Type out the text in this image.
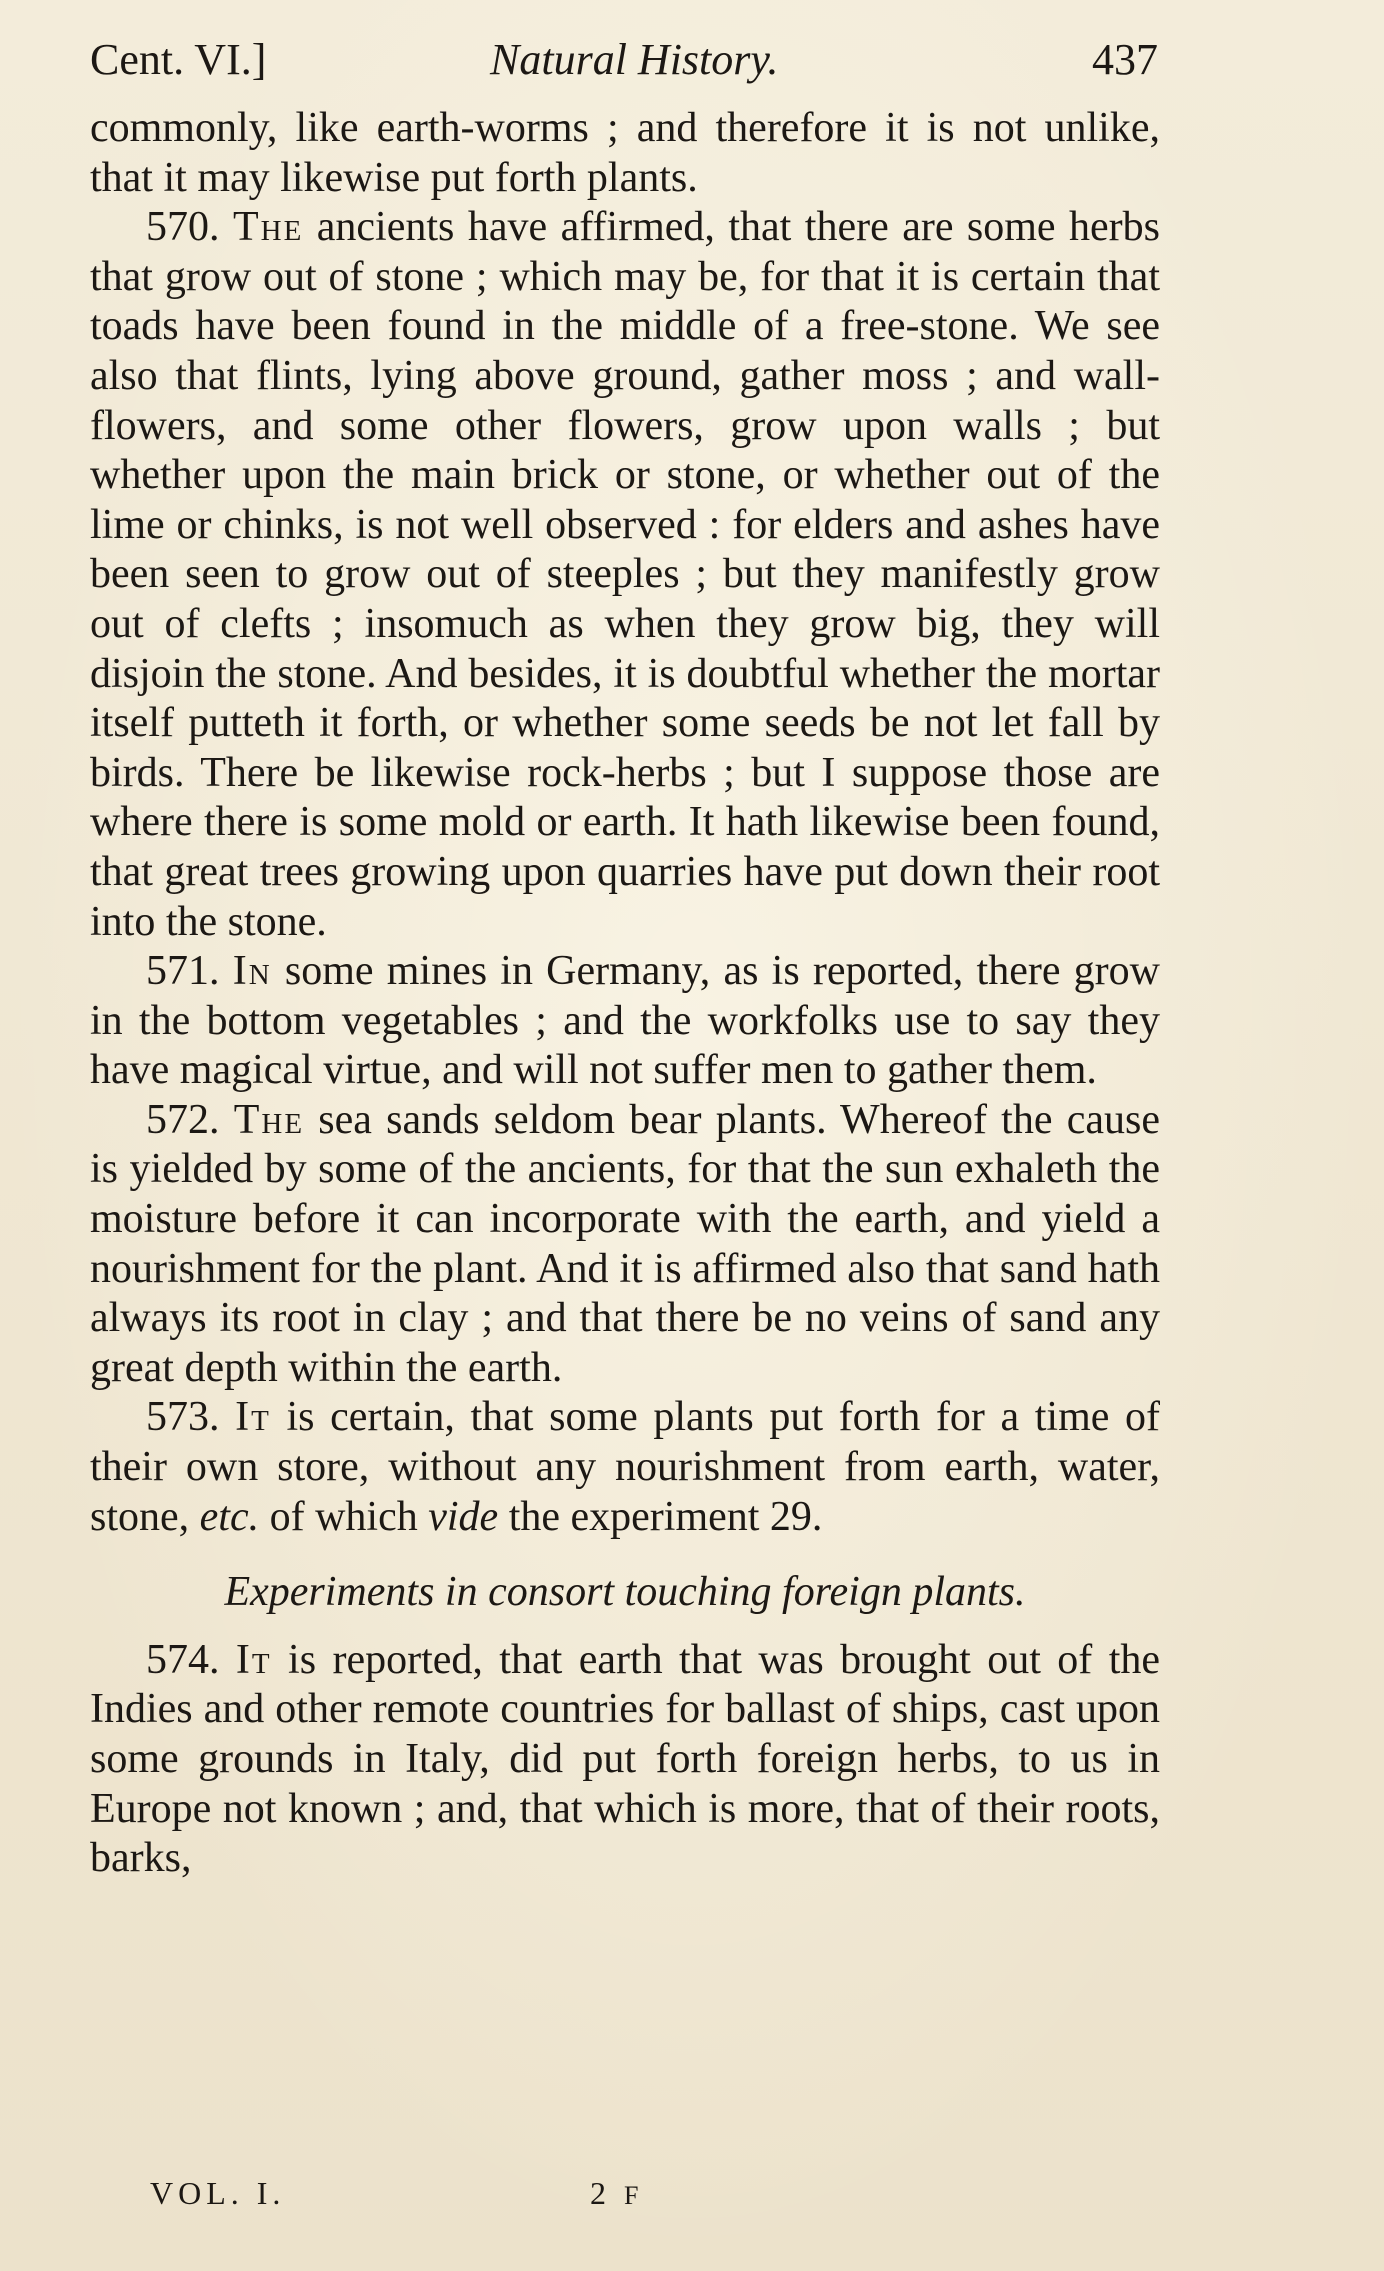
Cent. VI.]	Natural History.	437

commonly, like earth-worms ; and therefore it is not unlike, that it may likewise put forth plants.

570. The ancients have affirmed, that there are some herbs that grow out of stone ; which may be, for that it is certain that toads have been found in the middle of a free-stone. We see also that flints, lying above ground, gather moss ; and wall-flowers, and some other flowers, grow upon walls ; but whether upon the main brick or stone, or whether out of the lime or chinks, is not well observed : for elders and ashes have been seen to grow out of steeples ; but they manifestly grow out of clefts ; insomuch as when they grow big, they will disjoin the stone. And besides, it is doubtful whether the mortar itself putteth it forth, or whether some seeds be not let fall by birds. There be likewise rock-herbs ; but I suppose those are where there is some mold or earth. It hath likewise been found, that great trees growing upon quarries have put down their root into the stone.

571. In some mines in Germany, as is reported, there grow in the bottom vegetables ; and the workfolks use to say they have magical virtue, and will not suffer men to gather them.

572. The sea sands seldom bear plants. Whereof the cause is yielded by some of the ancients, for that the sun exhaleth the moisture before it can incorporate with the earth, and yield a nourishment for the plant. And it is affirmed also that sand hath always its root in clay ; and that there be no veins of sand any great depth within the earth.

573. It is certain, that some plants put forth for a time of their own store, without any nourishment from earth, water, stone, etc. of which vide the experiment 29.

Experiments in consort touching foreign plants.

574. It is reported, that earth that was brought out of the Indies and other remote countries for ballast of ships, cast upon some grounds in Italy, did put forth foreign herbs, to us in Europe not known ; and, that which is more, that of their roots, barks,

VOL. I.	2 F
